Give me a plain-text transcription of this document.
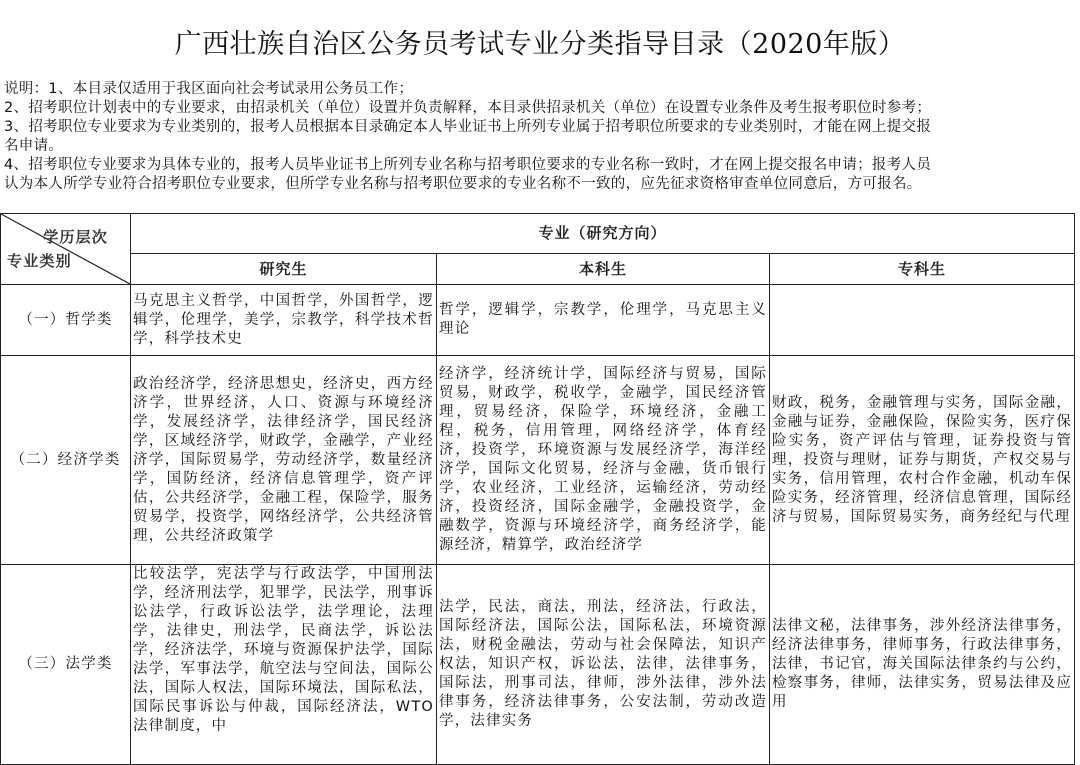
广西壮族自治区公务员考试专业分类指导目录（2020年版）
说明：1、本目录仅适用于我区面向社会考试录用公务员工作；
2、招考职位计划表中的专业要求，由招录机关（单位）设置并负责解释，本目录供招录机关（单位）在设置专业条件及考生报考职位时参考；
3、招考职位专业要求为专业类别的，报考人员根据本目录确定本人毕业证书上所列专业属于招考职位所要求的专业类别时，才能在网上提交报
名申请。
4、招考职位专业要求为具体专业的，报考人员毕业证书上所列专业名称与招考职位要求的专业名称一致时，才在网上提交报名申请；报考人员
认为本人所学专业符合招考职位专业要求，但所学专业名称与招考职位要求的专业名称不一致的，应先征求资格审查单位同意后，方可报名。
学历层次
专业类别	专业（研究方向）		
	研究生	本科生	专科生
（一）哲学类	马克思主义哲学，中国哲学，外国哲学，逻辑学，伦理学，美学，宗教学，科学技术哲学，科学技术史	哲学，逻辑学，宗教学，伦理学，马克思主义理论	
（二）经济学类	政治经济学，经济思想史，经济史，西方经济学，世界经济，人口、资源与环境经济学，发展经济学，法律经济学，国民经济学，区域经济学，财政学，金融学，产业经济学，国际贸易学，劳动经济学，数量经济学，国防经济，经济信息管理学，资产评估，公共经济学，金融工程，保险学，服务贸易学，投资学，网络经济学，公共经济管理，公共经济政策学	经济学，经济统计学，国际经济与贸易，国际贸易，财政学，税收学，金融学，国民经济管理，贸易经济，保险学，环境经济，金融工程，税务，信用管理，网络经济学，体育经济，投资学，环境资源与发展经济学，海洋经济学，国际文化贸易，经济与金融，货币银行学，农业经济，工业经济，运输经济，劳动经济，投资经济，国际金融学，金融投资学，金融数学，资源与环境经济学，商务经济学，能源经济，精算学，政治经济学	财政，税务，金融管理与实务，国际金融，金融与证券，金融保险，保险实务，医疗保险实务，资产评估与管理，证券投资与管理，投资与理财，证券与期货，产权交易与实务，信用管理，农村合作金融，机动车保险实务，经济管理，经济信息管理，国际经济与贸易，国际贸易实务，商务经纪与代理
（三）法学类	比较法学，宪法学与行政法学，中国刑法学，经济刑法学，犯罪学，民法学，刑事诉讼法学，行政诉讼法学，法学理论，法理学，法律史，刑法学，民商法学，诉讼法学，经济法学，环境与资源保护法学，国际法学，军事法学，航空法与空间法，国际公法，国际人权法，国际环境法，国际私法，国际民事诉讼与仲裁，国际经济法，WTO法律制度，中	法学，民法，商法，刑法，经济法，行政法，国际经济法，国际公法，国际私法，环境资源法，财税金融法，劳动与社会保障法，知识产权法，知识产权，诉讼法，法律，法律事务，国际法，刑事司法，律师，涉外法律，涉外法律事务，经济法律事务，公安法制，劳动改造学，法律实务	法律文秘，法律事务，涉外经济法律事务，经济法律事务，律师事务，行政法律事务，法律，书记官，海关国际法律条约与公约，检察事务，律师，法律实务，贸易法律及应用
